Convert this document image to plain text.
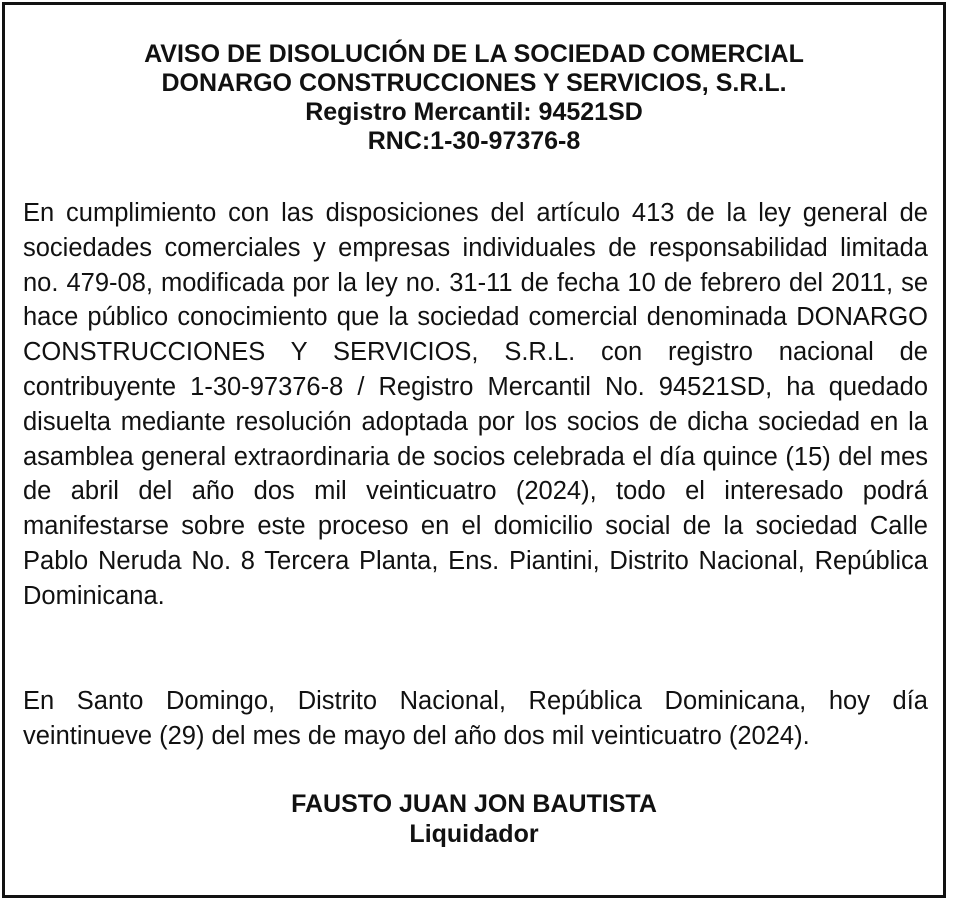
AVISO DE DISOLUCIÓN DE LA SOCIEDAD COMERCIAL
DONARGO CONSTRUCCIONES Y SERVICIOS, S.R.L.
Registro Mercantil: 94521SD
RNC:1-30-97376-8
En cumplimiento con las disposiciones del artículo 413 de la ley general de sociedades comerciales y empresas individuales de responsabilidad limitada no. 479-08, modificada por la ley no. 31-11 de fecha 10 de febrero del 2011, se hace público conocimiento que la sociedad comercial denominada DONARGO CONSTRUCCIONES Y SERVICIOS, S.R.L. con registro nacional de contribuyente 1-30-97376-8 / Registro Mercantil No. 94521SD, ha quedado disuelta mediante resolución adoptada por los socios de dicha sociedad en la asamblea general extraordinaria de socios celebrada el día quince (15) del mes de abril del año dos mil veinticuatro (2024), todo el interesado podrá manifestarse sobre este proceso en el domicilio social de la sociedad Calle Pablo Neruda No. 8 Tercera Planta, Ens. Piantini, Distrito Nacional, República Dominicana.
En Santo Domingo, Distrito Nacional, República Dominicana, hoy día veintinueve (29) del mes de mayo del año dos mil veinticuatro (2024).
FAUSTO JUAN JON BAUTISTA
Liquidador
